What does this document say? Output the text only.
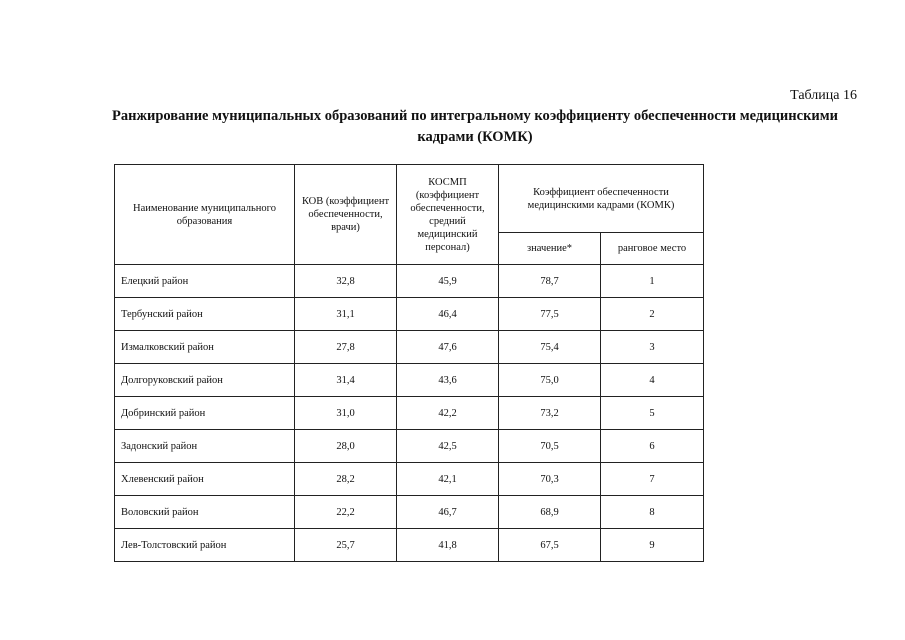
Таблица 16
Ранжирование муниципальных образований по интегральному коэффициенту обеспеченности медицинскими
кадрами (КОМК)
Наименование муниципального образования	КОВ (коэффициент обеспеченности, врачи)	КОСМП (коэффициент обеспеченности, средний медицинский персонал)	Коэффициент обеспеченности медицинскими кадрами (КОМК)	
			значение*	ранговое место
Елецкий район	32,8	45,9	78,7	1
Тербунский район	31,1	46,4	77,5	2
Измалковский район	27,8	47,6	75,4	3
Долгоруковский район	31,4	43,6	75,0	4
Добринский район	31,0	42,2	73,2	5
Задонский район	28,0	42,5	70,5	6
Хлевенский район	28,2	42,1	70,3	7
Воловский район	22,2	46,7	68,9	8
Лев-Толстовский район	25,7	41,8	67,5	9
